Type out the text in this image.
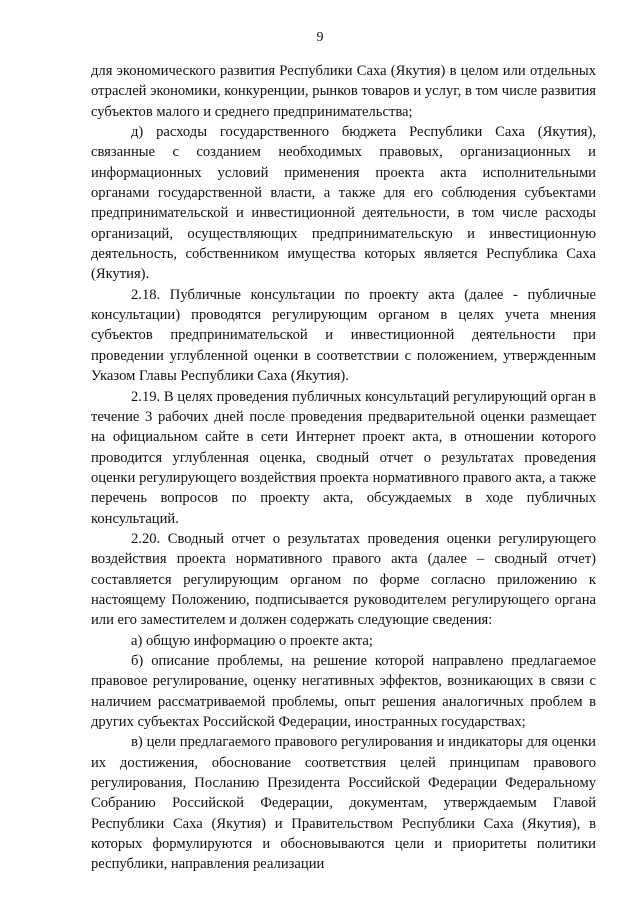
9

для экономического развития Республики Саха (Якутия) в целом или отдельных отраслей экономики, конкуренции, рынков товаров и услуг, в том числе развития субъектов малого и среднего предпринимательства;

д) расходы государственного бюджета Республики Саха (Якутия), связанные с созданием необходимых правовых, организационных и информационных условий применения проекта акта исполнительными органами государственной власти, а также для его соблюдения субъектами предпринимательской и инвестиционной деятельности, в том числе расходы организаций, осуществляющих предпринимательскую и инвестиционную деятельность, собственником имущества которых является Республика Саха (Якутия).

2.18. Публичные консультации по проекту акта (далее - публичные консультации) проводятся регулирующим органом в целях учета мнения субъектов предпринимательской и инвестиционной деятельности при проведении углубленной оценки в соответствии с положением, утвержденным Указом Главы Республики Саха (Якутия).

2.19. В целях проведения публичных консультаций регулирующий орган в течение 3 рабочих дней после проведения предварительной оценки размещает на официальном сайте в сети Интернет проект акта, в отношении которого проводится углубленная оценка, сводный отчет о результатах проведения оценки регулирующего воздействия проекта нормативного правого акта, а также перечень вопросов по проекту акта, обсуждаемых в ходе публичных консультаций.

2.20. Сводный отчет о результатах проведения оценки регулирующего воздействия проекта нормативного правого акта (далее – сводный отчет) составляется регулирующим органом по форме согласно приложению к настоящему Положению, подписывается руководителем регулирующего органа или его заместителем и должен содержать следующие сведения:

а) общую информацию о проекте акта;

б) описание проблемы, на решение которой направлено предлагаемое правовое регулирование, оценку негативных эффектов, возникающих в связи с наличием рассматриваемой проблемы, опыт решения аналогичных проблем в других субъектах Российской Федерации, иностранных государствах;

в) цели предлагаемого правового регулирования и индикаторы для оценки их достижения, обоснование соответствия целей принципам правового регулирования, Посланию Президента Российской Федерации Федеральному Собранию Российской Федерации, документам, утверждаемым Главой Республики Саха (Якутия) и Правительством Республики Саха (Якутия), в которых формулируются и обосновываются цели и приоритеты политики республики, направления реализации
